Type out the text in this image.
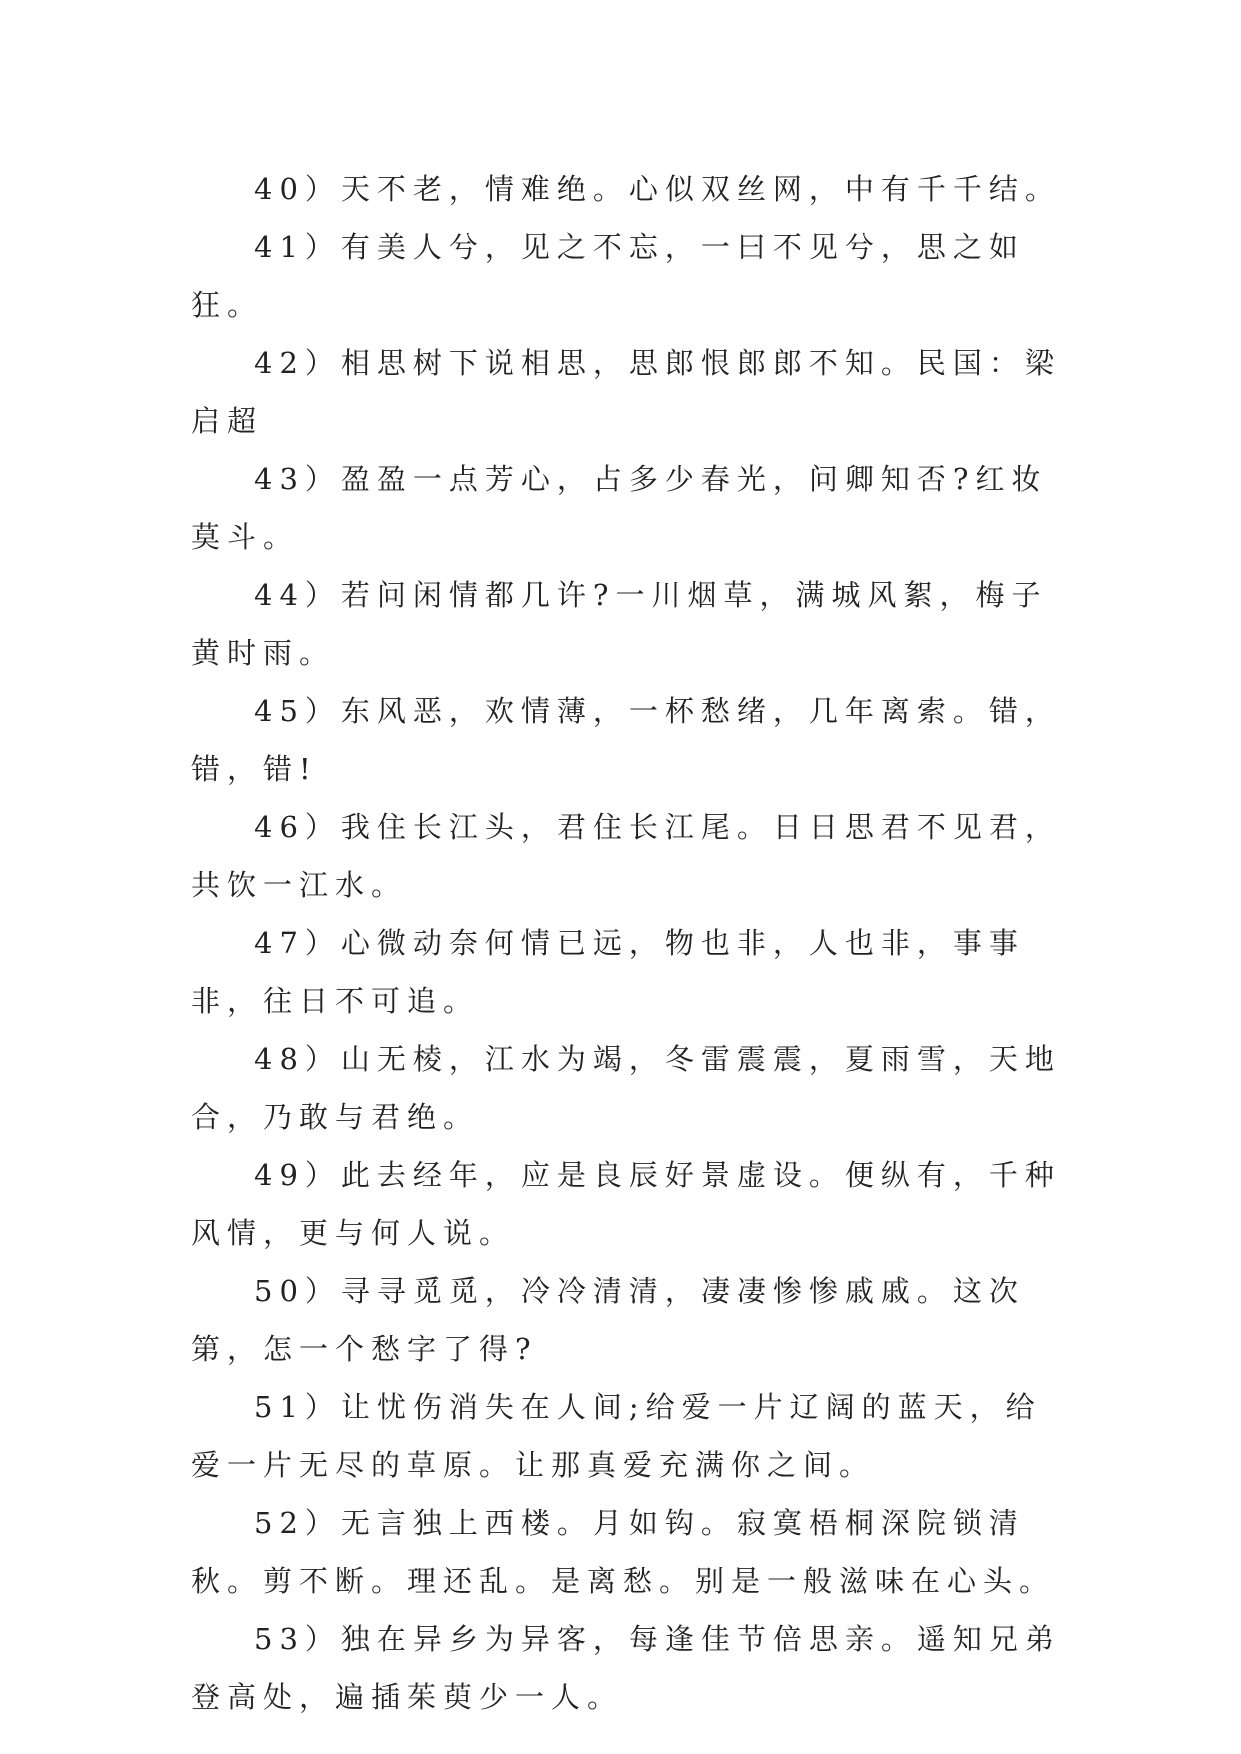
40）天不老，情难绝。心似双丝网，中有千千结。

41）有美人兮，见之不忘，一曰不见兮，思之如狂。

42）相思树下说相思，思郎恨郎郎不知。民国：梁启超

43）盈盈一点芳心，占多少春光，问卿知否?红妆莫斗。

44）若问闲情都几许?一川烟草，满城风絮，梅子黄时雨。

45）东风恶，欢情薄，一杯愁绪，几年离索。错，错，错!

46）我住长江头，君住长江尾。日日思君不见君，共饮一江水。

47）心微动奈何情已远，物也非，人也非，事事非，往日不可追。

48）山无棱，江水为竭，冬雷震震，夏雨雪，天地合，乃敢与君绝。

49）此去经年，应是良辰好景虚设。便纵有，千种风情，更与何人说。

50）寻寻觅觅，冷冷清清，凄凄惨惨戚戚。这次第，怎一个愁字了得?

51）让忧伤消失在人间;给爱一片辽阔的蓝天，给爱一片无尽的草原。让那真爱充满你之间。

52）无言独上西楼。月如钩。寂寞梧桐深院锁清秋。剪不断。理还乱。是离愁。别是一般滋味在心头。

53）独在异乡为异客，每逢佳节倍思亲。遥知兄弟登高处，遍插茱萸少一人。
